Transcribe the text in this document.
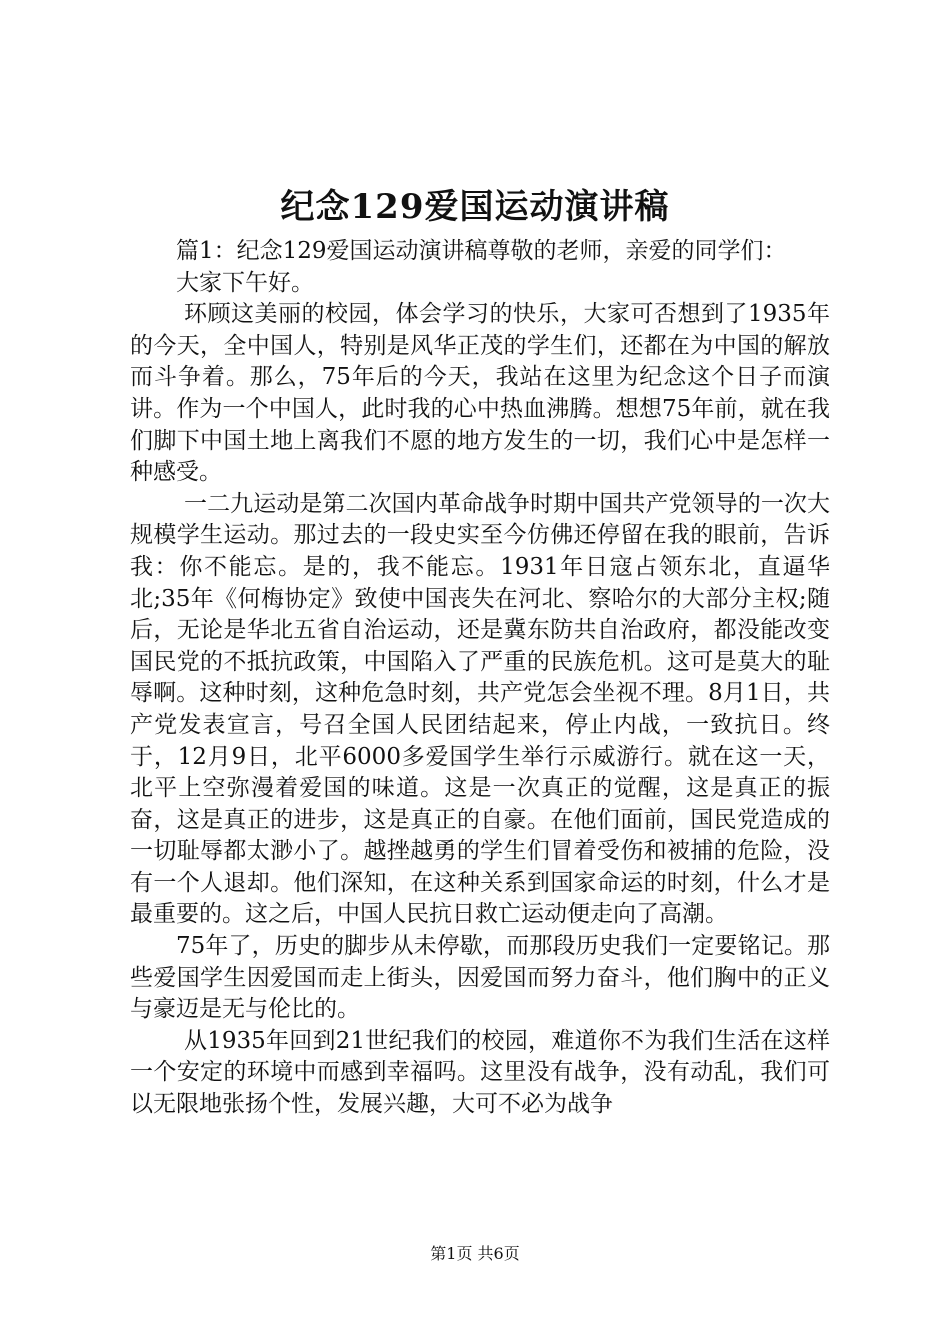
纪念129爱国运动演讲稿

篇1：纪念129爱国运动演讲稿尊敬的老师，亲爱的同学们：

大家下午好。

环顾这美丽的校园，体会学习的快乐，大家可否想到了1935年的今天，全中国人，特别是风华正茂的学生们，还都在为中国的解放而斗争着。那么，75年后的今天，我站在这里为纪念这个日子而演讲。作为一个中国人，此时我的心中热血沸腾。想想75年前，就在我们脚下中国土地上离我们不愿的地方发生的一切，我们心中是怎样一种感受。

一二九运动是第二次国内革命战争时期中国共产党领导的一次大规模学生运动。那过去的一段史实至今仿佛还停留在我的眼前，告诉我：你不能忘。是的，我不能忘。1931年日寇占领东北，直逼华北;35年《何梅协定》致使中国丧失在河北、察哈尔的大部分主权;随后，无论是华北五省自治运动，还是冀东防共自治政府，都没能改变国民党的不抵抗政策，中国陷入了严重的民族危机。这可是莫大的耻辱啊。这种时刻，这种危急时刻，共产党怎会坐视不理。8月1日，共产党发表宣言，号召全国人民团结起来，停止内战，一致抗日。终于，12月9日，北平6000多爱国学生举行示威游行。就在这一天，北平上空弥漫着爱国的味道。这是一次真正的觉醒，这是真正的振奋，这是真正的进步，这是真正的自豪。在他们面前，国民党造成的一切耻辱都太渺小了。越挫越勇的学生们冒着受伤和被捕的危险，没有一个人退却。他们深知，在这种关系到国家命运的时刻，什么才是最重要的。这之后，中国人民抗日救亡运动便走向了高潮。

75年了，历史的脚步从未停歇，而那段历史我们一定要铭记。那些爱国学生因爱国而走上街头，因爱国而努力奋斗，他们胸中的正义与豪迈是无与伦比的。

从1935年回到21世纪我们的校园，难道你不为我们生活在这样一个安定的环境中而感到幸福吗。这里没有战争，没有动乱，我们可以无限地张扬个性，发展兴趣，大可不必为战争

第1页 共6页
